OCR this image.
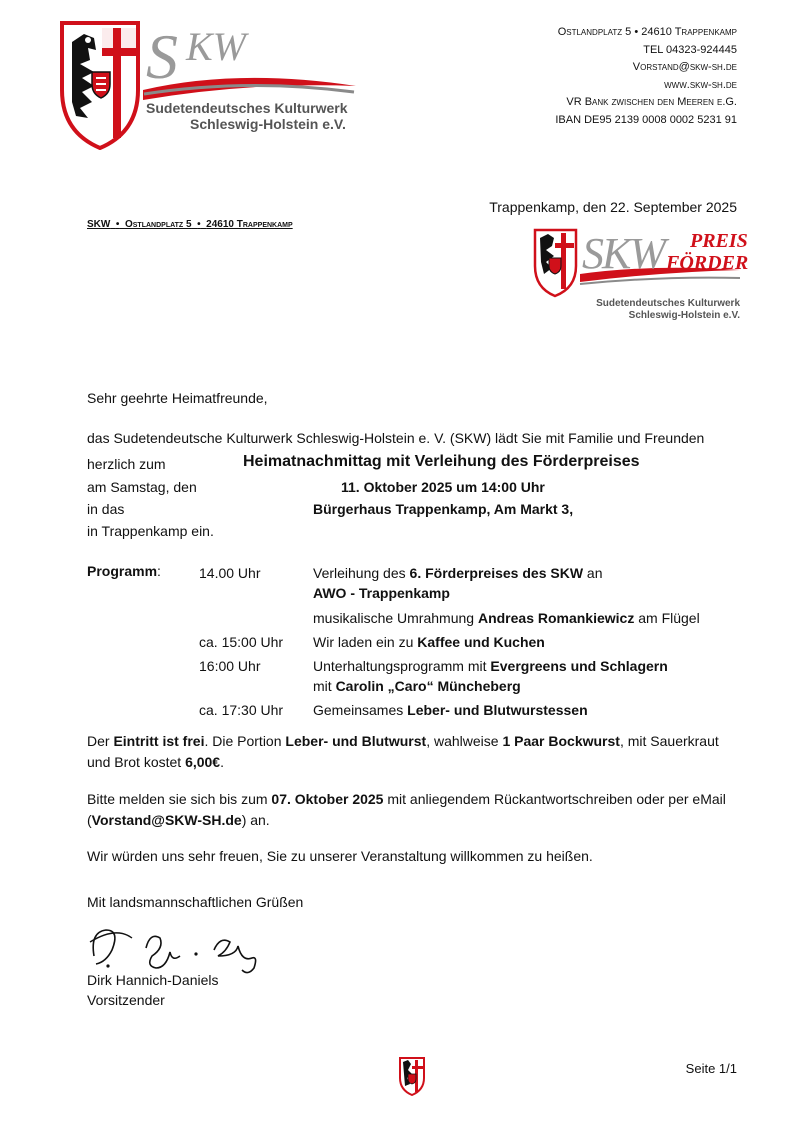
S KW
Sudetendeutsches Kulturwerk
Schleswig-Holstein e.V.
Ostlandplatz 5 • 24610 Trappenkamp
TEL 04323-924445
Vorstand@skw-sh.de
www.skw-sh.de
VR Bank zwischen den Meeren e.G.
IBAN DE95 2139 0008 0002 5231 91
SKW • Ostlandplatz 5 • 24610 Trappenkamp
Trappenkamp, den 22. September 2025
SKW PREIS
FÖRDER
Sudetendeutsches Kulturwerk
Schleswig-Holstein e.V.
Sehr geehrte Heimatfreunde,
das Sudetendeutsche Kulturwerk Schleswig-Holstein e. V. (SKW) lädt Sie mit Familie und Freunden
herzlich zum	Heimatnachmittag mit Verleihung des Förderpreises
am Samstag, den	11. Oktober 2025 um 14:00 Uhr
in das	Bürgerhaus Trappenkamp, Am Markt 3,
in Trappenkamp ein.
Programm:	14.00 Uhr	Verleihung des 6. Förderpreises des SKW an
AWO - Trappenkamp
musikalische Umrahmung Andreas Romankiewicz am Flügel
ca. 15:00 Uhr	Wir laden ein zu Kaffee und Kuchen
16:00 Uhr	Unterhaltungsprogramm mit Evergreens und Schlagern
mit Carolin „Caro“ Müncheberg
ca. 17:30 Uhr	Gemeinsames Leber- und Blutwurstessen
Der Eintritt ist frei. Die Portion Leber- und Blutwurst, wahlweise 1 Paar Bockwurst, mit Sauerkraut und Brot kostet 6,00€.
Bitte melden sie sich bis zum 07. Oktober 2025 mit anliegendem Rückantwortschreiben oder per eMail (Vorstand@SKW-SH.de) an.
Wir würden uns sehr freuen, Sie zu unserer Veranstaltung willkommen zu heißen.
Mit landsmannschaftlichen Grüßen
Dirk Hannich-Daniels
Vorsitzender
Seite 1/1
